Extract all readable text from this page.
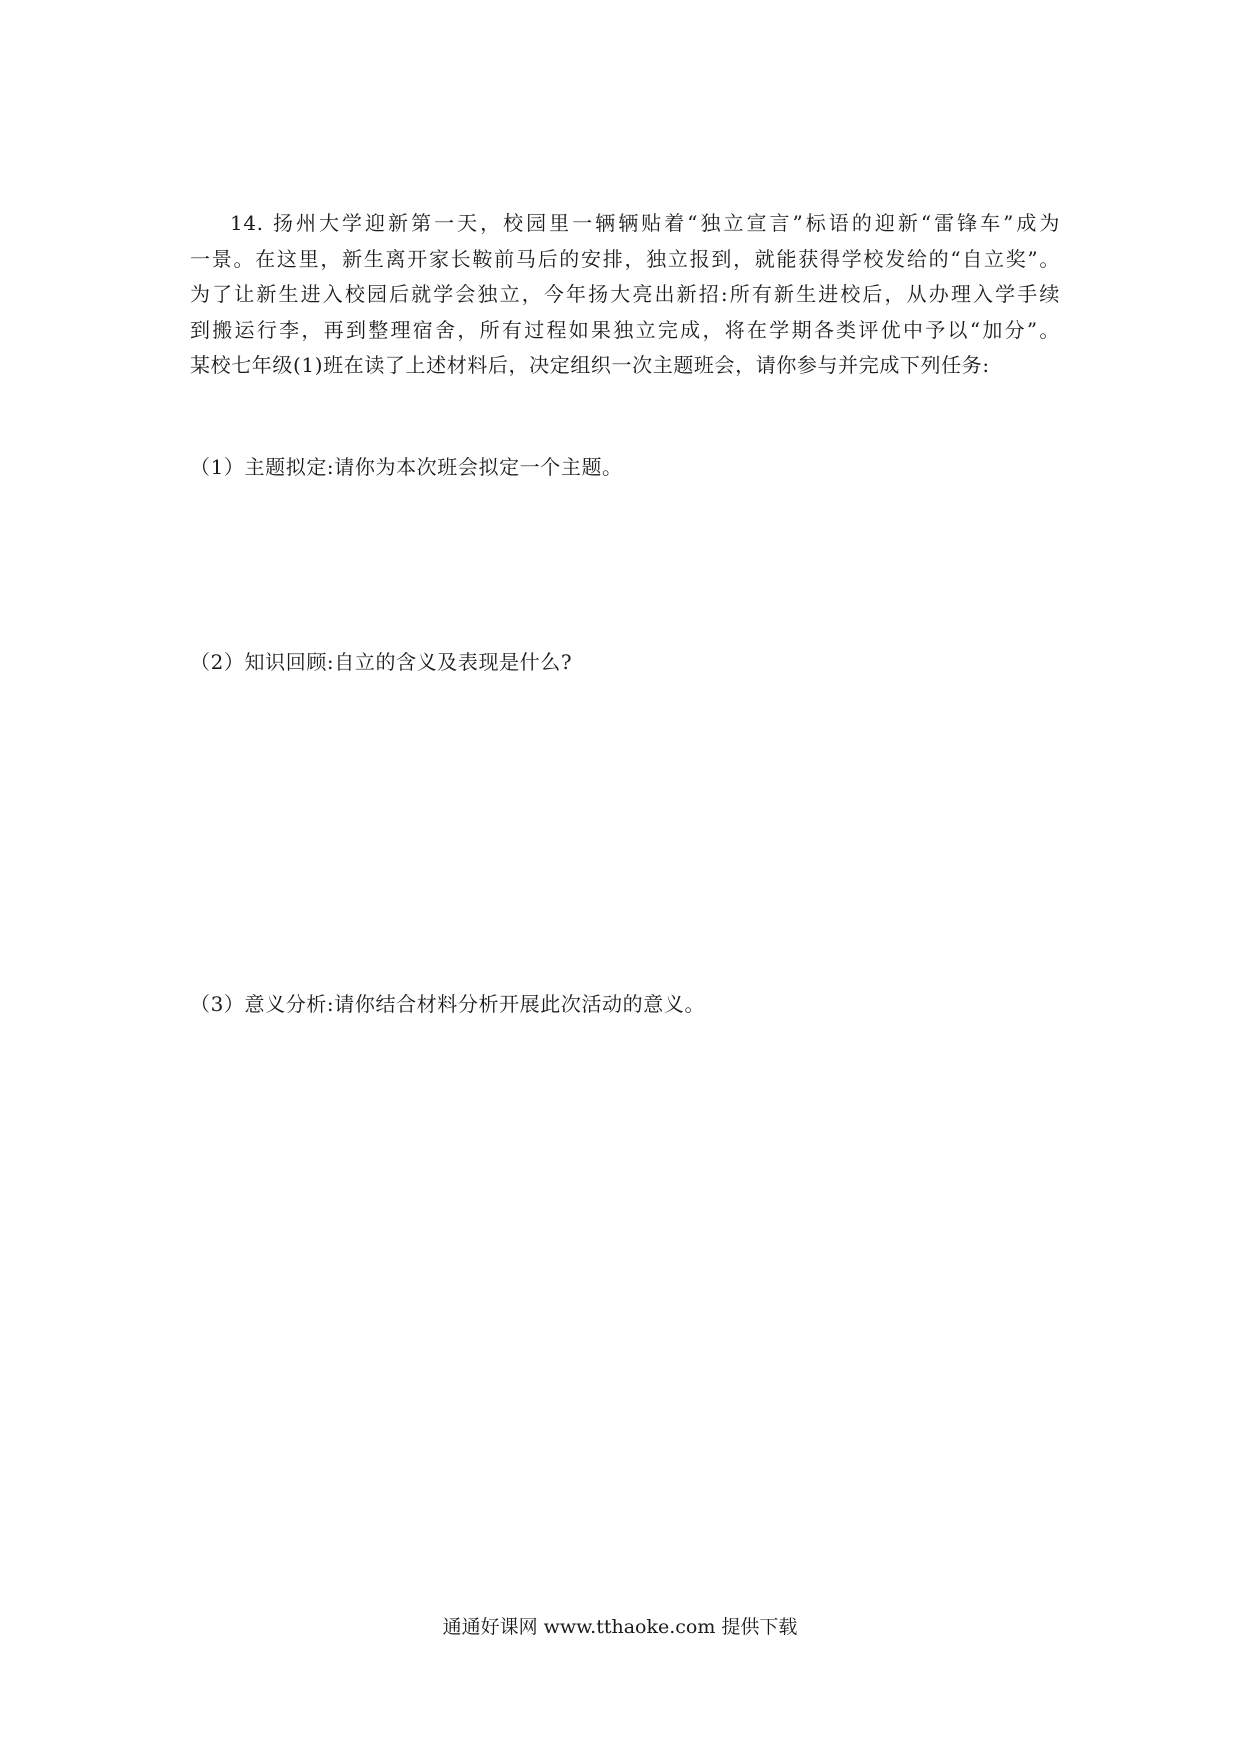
14. 扬州大学迎新第一天，校园里一辆辆贴着“独立宣言”标语的迎新“雷锋车”成为
一景。在这里，新生离开家长鞍前马后的安排，独立报到，就能获得学校发给的“自立奖”。
为了让新生进入校园后就学会独立，今年扬大亮出新招:所有新生进校后，从办理入学手续
到搬运行李，再到整理宿舍，所有过程如果独立完成，将在学期各类评优中予以“加分”。
某校七年级(1)班在读了上述材料后，决定组织一次主题班会，请你参与并完成下列任务:
（1）主题拟定:请你为本次班会拟定一个主题。
（2）知识回顾:自立的含义及表现是什么?
（3）意义分析:请你结合材料分析开展此次活动的意义。
通通好课网 www.tthaoke.com 提供下载
